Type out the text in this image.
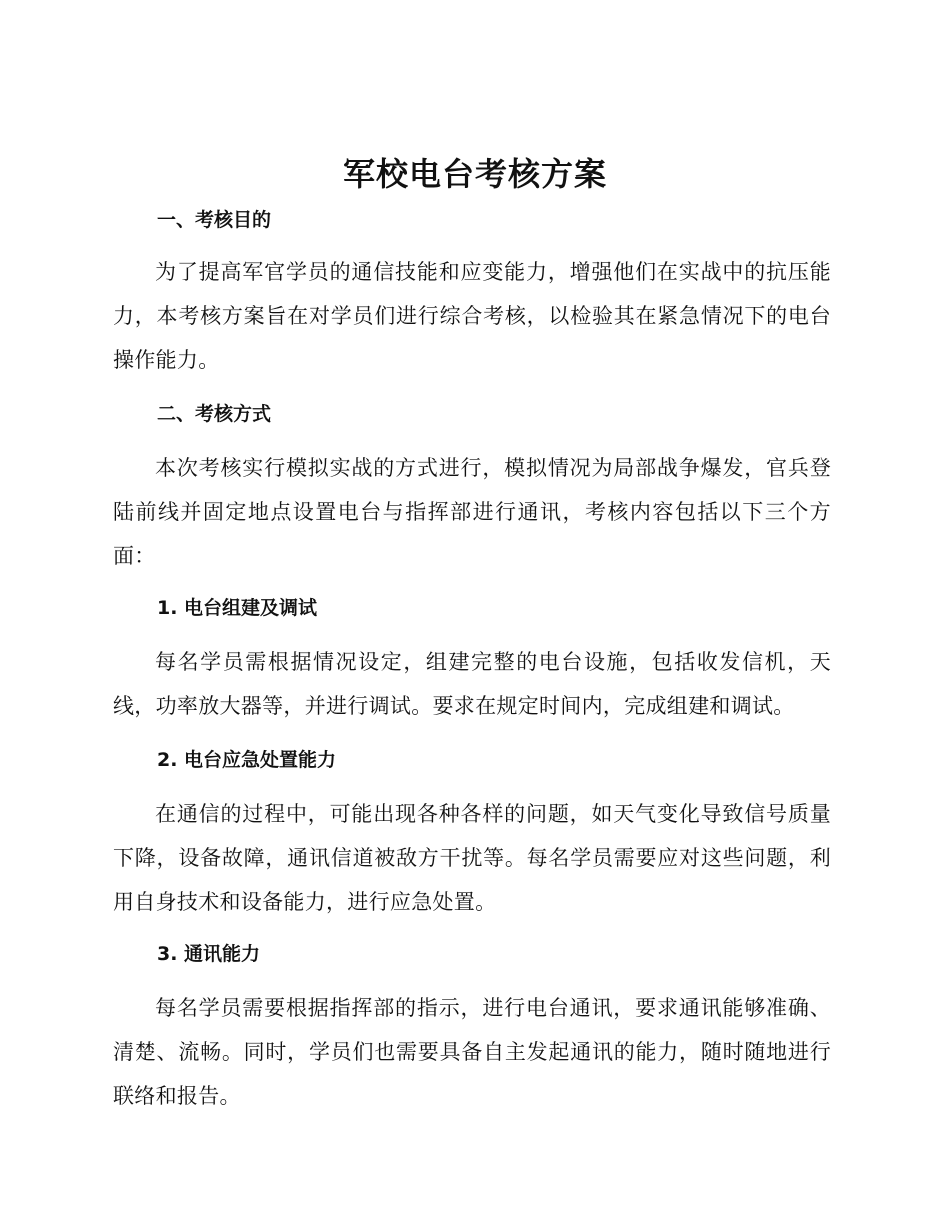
军校电台考核方案
一、考核目的

为了提高军官学员的通信技能和应变能力，增强他们在实战中的抗压能力，本考核方案旨在对学员们进行综合考核，以检验其在紧急情况下的电台操作能力。

二、考核方式

本次考核实行模拟实战的方式进行，模拟情况为局部战争爆发，官兵登陆前线并固定地点设置电台与指挥部进行通讯，考核内容包括以下三个方面：

1. 电台组建及调试

每名学员需根据情况设定，组建完整的电台设施，包括收发信机，天线，功率放大器等，并进行调试。要求在规定时间内，完成组建和调试。

2. 电台应急处置能力

在通信的过程中，可能出现各种各样的问题，如天气变化导致信号质量下降，设备故障，通讯信道被敌方干扰等。每名学员需要应对这些问题，利用自身技术和设备能力，进行应急处置。

3. 通讯能力

每名学员需要根据指挥部的指示，进行电台通讯，要求通讯能够准确、清楚、流畅。同时，学员们也需要具备自主发起通讯的能力，随时随地进行联络和报告。
